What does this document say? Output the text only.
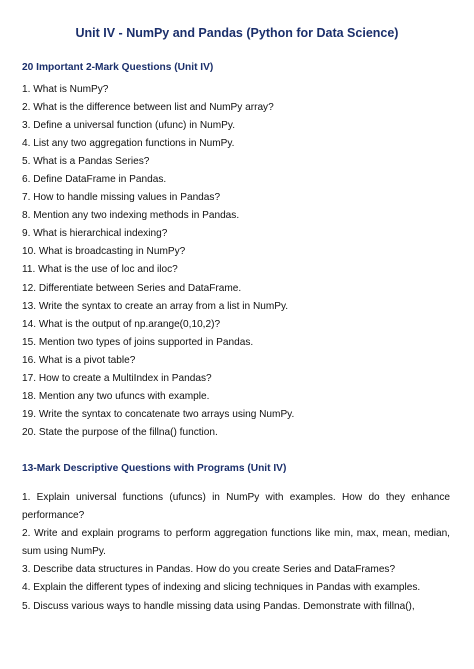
Unit IV - NumPy and Pandas (Python for Data Science)
20 Important 2-Mark Questions (Unit IV)
1. What is NumPy?
2. What is the difference between list and NumPy array?
3. Define a universal function (ufunc) in NumPy.
4. List any two aggregation functions in NumPy.
5. What is a Pandas Series?
6. Define DataFrame in Pandas.
7. How to handle missing values in Pandas?
8. Mention any two indexing methods in Pandas.
9. What is hierarchical indexing?
10. What is broadcasting in NumPy?
11. What is the use of loc and iloc?
12. Differentiate between Series and DataFrame.
13. Write the syntax to create an array from a list in NumPy.
14. What is the output of np.arange(0,10,2)?
15. Mention two types of joins supported in Pandas.
16. What is a pivot table?
17. How to create a MultiIndex in Pandas?
18. Mention any two ufuncs with example.
19. Write the syntax to concatenate two arrays using NumPy.
20. State the purpose of the fillna() function.
13-Mark Descriptive Questions with Programs (Unit IV)

1. Explain universal functions (ufuncs) in NumPy with examples. How do they enhance performance?

2. Write and explain programs to perform aggregation functions like min, max, mean, median, sum using NumPy.

3. Describe data structures in Pandas. How do you create Series and DataFrames?

4. Explain the different types of indexing and slicing techniques in Pandas with examples.

5. Discuss various ways to handle missing data using Pandas. Demonstrate with fillna(),
